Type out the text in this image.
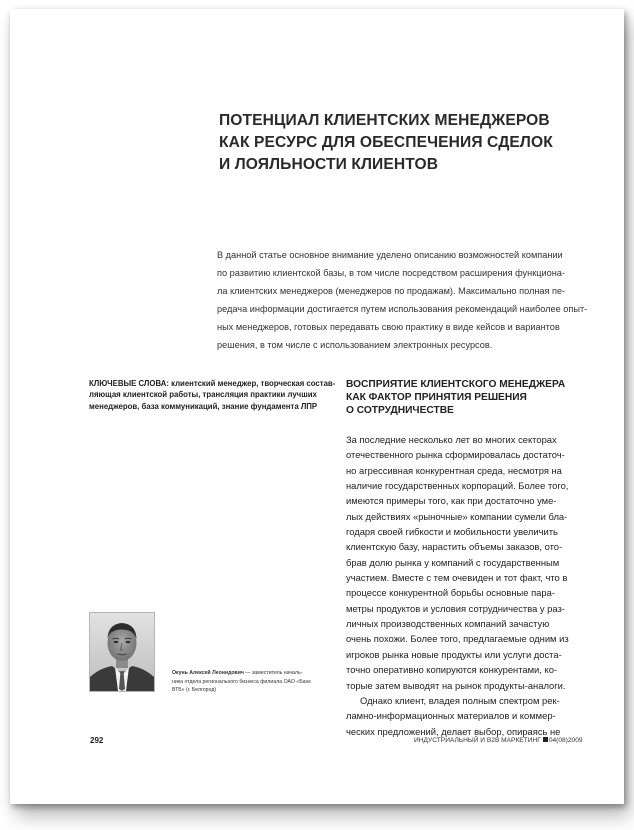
ПОТЕНЦИАЛ КЛИЕНТСКИХ МЕНЕДЖЕРОВ
КАК РЕСУРС ДЛЯ ОБЕСПЕЧЕНИЯ СДЕЛОК
И ЛОЯЛЬНОСТИ КЛИЕНТОВ

В данной статье основное внимание уделено описанию возможностей компании
по развитию клиентской базы, в том числе посредством расширения функциона-
ла клиентских менеджеров (менеджеров по продажам). Максимально полная пе-
редача информации достигается путем использования рекомендаций наиболее опыт-
ных менеджеров, готовых передавать свою практику в виде кейсов и вариантов
решения, в том числе с использованием электронных ресурсов.

КЛЮЧЕВЫЕ СЛОВА: клиентский менеджер, творческая состав-
ляющая клиентской работы, трансляция практики лучших
менеджеров, база коммуникаций, знание фундамента ЛПР

ВОСПРИЯТИЕ КЛИЕНТСКОГО МЕНЕДЖЕРА
КАК ФАКТОР ПРИНЯТИЯ РЕШЕНИЯ
О СОТРУДНИЧЕСТВЕ

За последние несколько лет во многих секторах
отечественного рынка сформировалась достаточ-
но агрессивная конкурентная среда, несмотря на
наличие государственных корпораций. Более того,
имеются примеры того, как при достаточно уме-
лых действиях «рыночные» компании сумели бла-
годаря своей гибкости и мобильности увеличить
клиентскую базу, нарастить объемы заказов, ото-
брав долю рынка у компаний с государственным
участием. Вместе с тем очевиден и тот факт, что в
процессе конкурентной борьбы основные пара-
метры продуктов и условия сотрудничества у раз-
личных производственных компаний зачастую
очень похожи. Более того, предлагаемые одним из
игроков рынка новые продукты или услуги доста-
точно оперативно копируются конкурентами, ко-
торые затем выводят на рынок продукты-аналоги.
Однако клиент, владея полным спектром рек-
ламно-информационных материалов и коммер-
ческих предложений, делает выбор, опираясь не

Окунь Алексей Леонидович — заместитель началь-
ника отдела регионального бизнеса филиала ОАО «Банк
ВТБ» (г. Белгород)

292	ИНДУСТРИАЛЬНЫЙ И B2B МАРКЕТИНГ 04(08)2009
